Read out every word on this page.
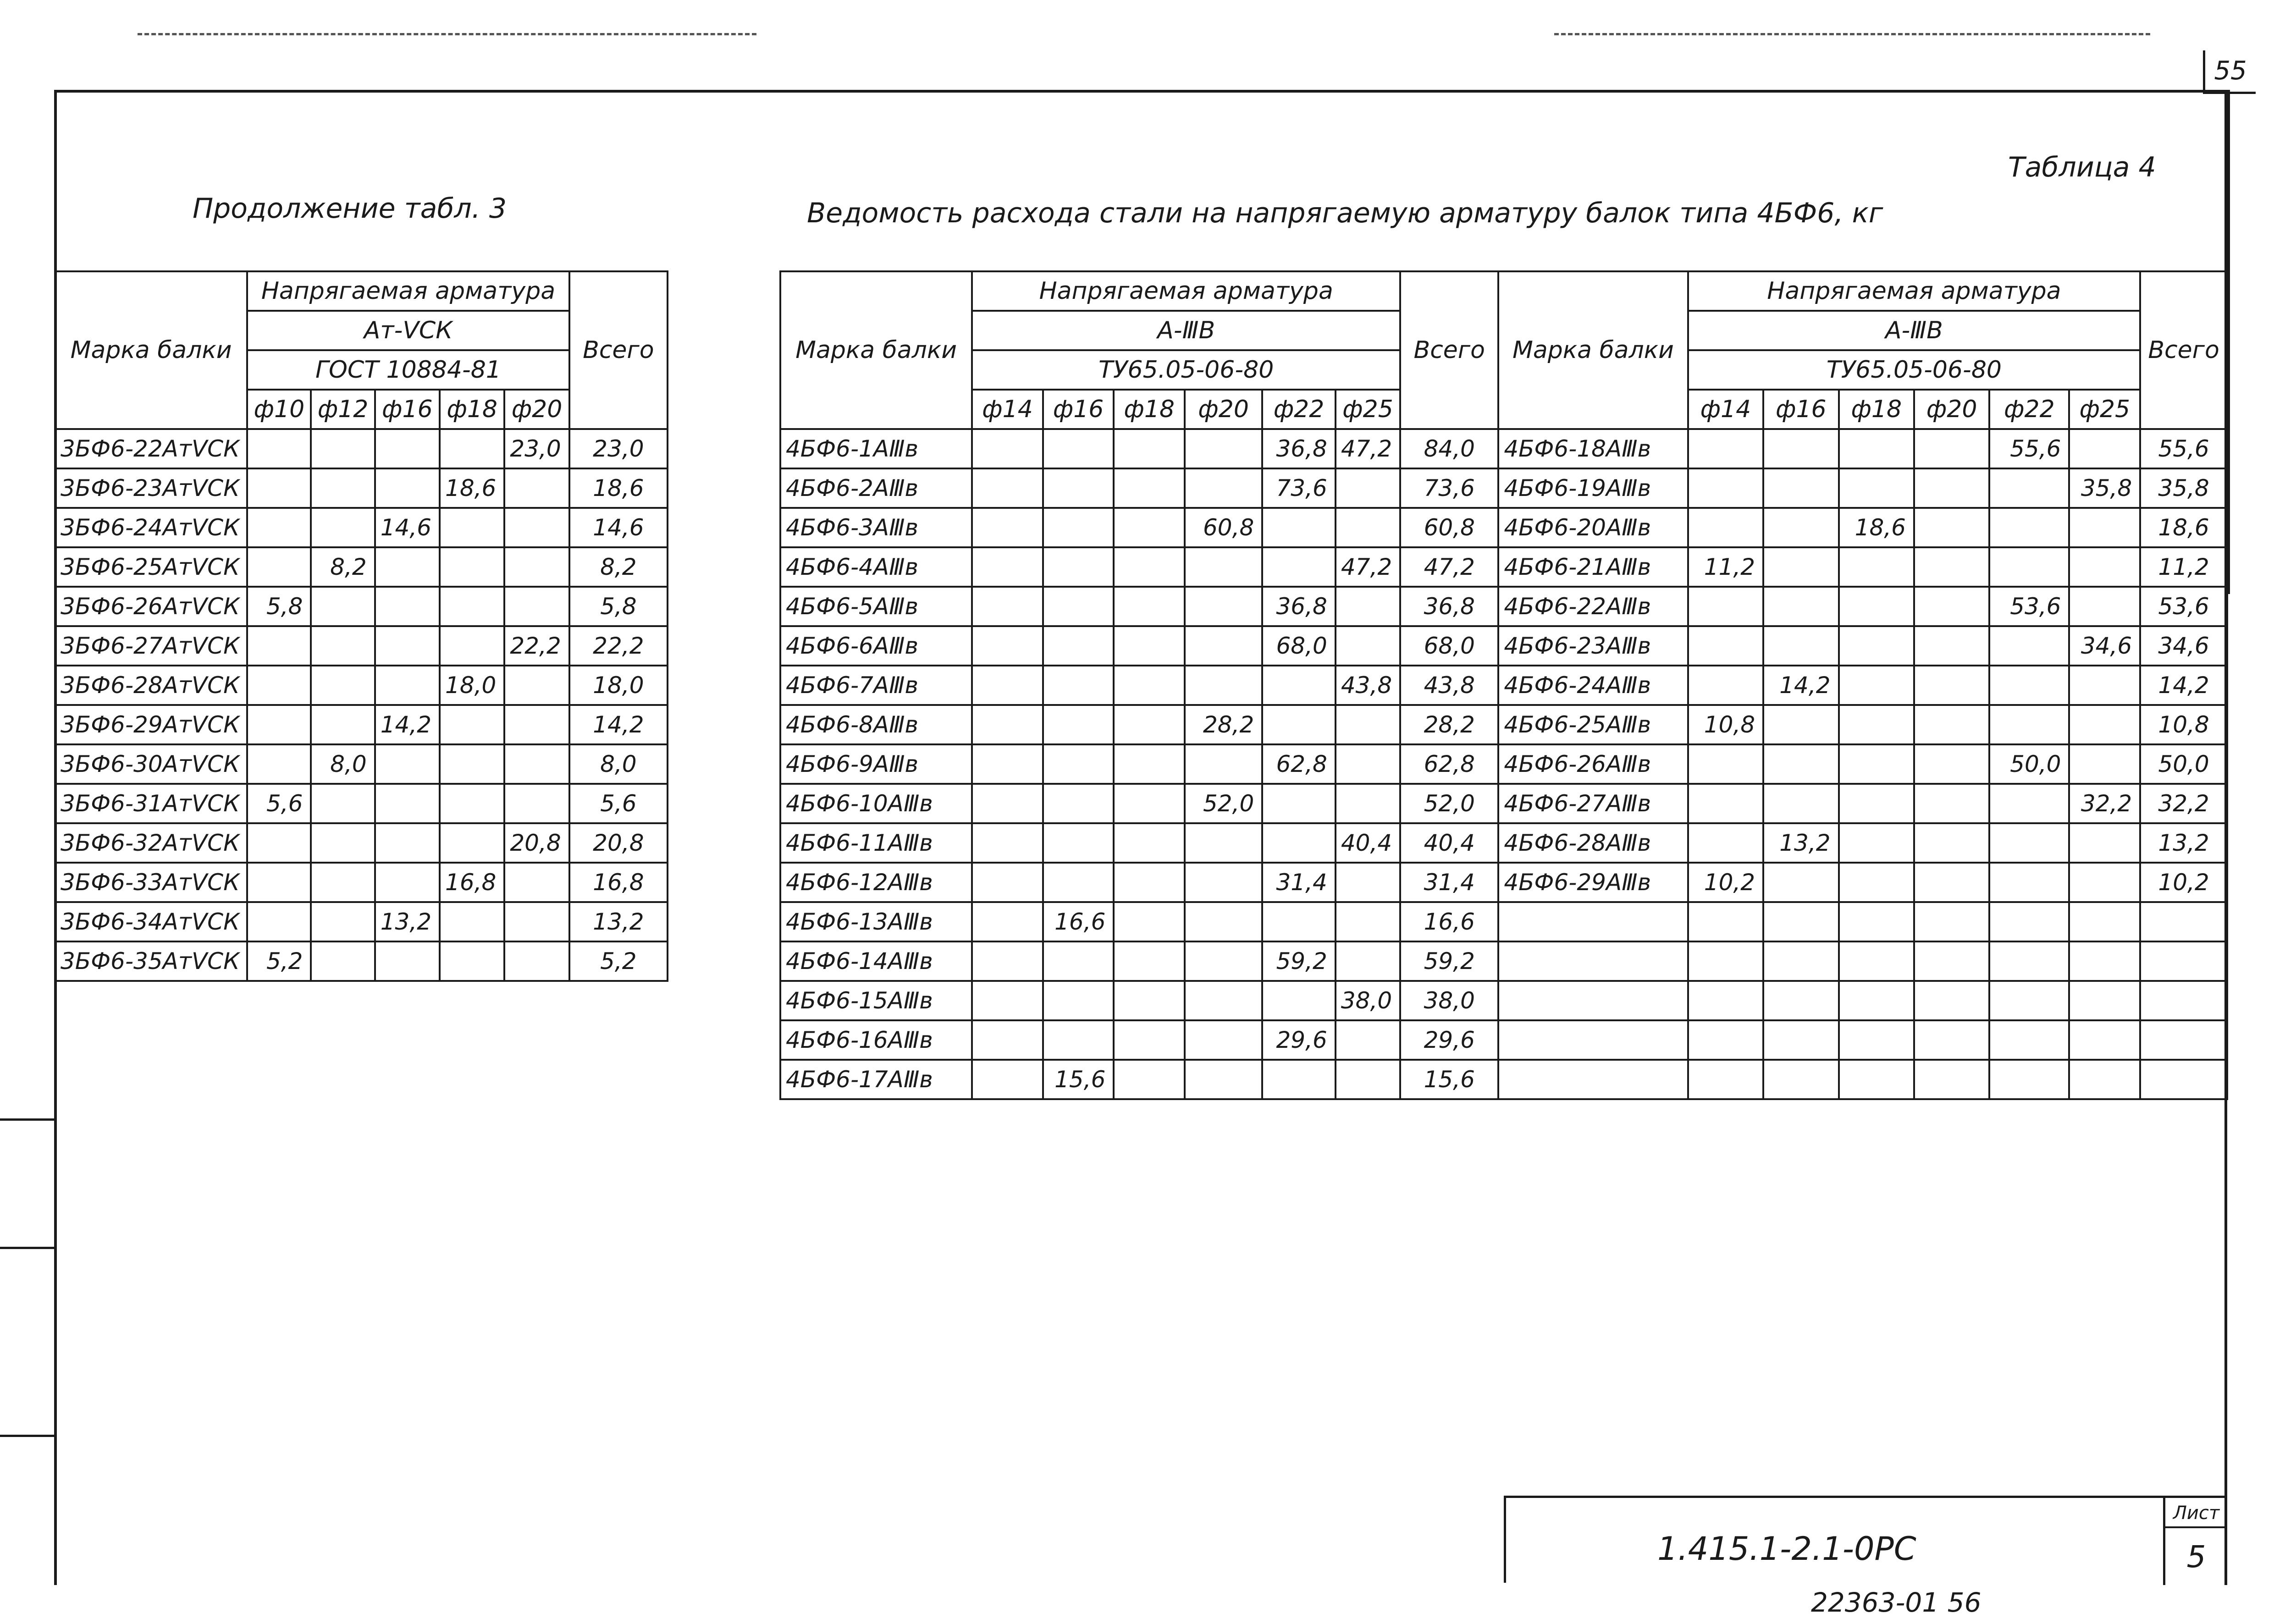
55
Продолжение табл. 3
Таблица 4
Ведомость расхода стали на напрягаемую арматуру балок типа 4БФ6, кг
Марка балки	Напрягаемая арматура					Всего
	Ат-ⅤСК					
	ГОСТ 10884-81					
	ф10	ф12	ф16	ф18	ф20	
3БФ6-22АтⅤСК					23,0	23,0
3БФ6-23АтⅤСК				18,6		18,6
3БФ6-24АтⅤСК			14,6			14,6
3БФ6-25АтⅤСК		8,2				8,2
3БФ6-26АтⅤСК	5,8					5,8
3БФ6-27АтⅤСК					22,2	22,2
3БФ6-28АтⅤСК				18,0		18,0
3БФ6-29АтⅤСК			14,2			14,2
3БФ6-30АтⅤСК		8,0				8,0
3БФ6-31АтⅤСК	5,6					5,6
3БФ6-32АтⅤСК					20,8	20,8
3БФ6-33АтⅤСК				16,8		16,8
3БФ6-34АтⅤСК			13,2			13,2
3БФ6-35АтⅤСК	5,2					5,2
Марка балки	Напрягаемая арматура						Всего	Марка балки	Напрягаемая арматура						Всего
	А-ⅢВ								А-ⅢВ						
	ТУ65.05-06-80								ТУ65.05-06-80						
	ф14	ф16	ф18	ф20	ф22	ф25			ф14	ф16	ф18	ф20	ф22	ф25	
4БФ6-1АⅢв					36,8	47,2	84,0	4БФ6-18АⅢв					55,6		55,6
4БФ6-2АⅢв					73,6		73,6	4БФ6-19АⅢв						35,8	35,8
4БФ6-3АⅢв				60,8			60,8	4БФ6-20АⅢв			18,6				18,6
4БФ6-4АⅢв						47,2	47,2	4БФ6-21АⅢв	11,2						11,2
4БФ6-5АⅢв					36,8		36,8	4БФ6-22АⅢв					53,6		53,6
4БФ6-6АⅢв					68,0		68,0	4БФ6-23АⅢв						34,6	34,6
4БФ6-7АⅢв						43,8	43,8	4БФ6-24АⅢв		14,2					14,2
4БФ6-8АⅢв				28,2			28,2	4БФ6-25АⅢв	10,8						10,8
4БФ6-9АⅢв					62,8		62,8	4БФ6-26АⅢв					50,0		50,0
4БФ6-10АⅢв				52,0			52,0	4БФ6-27АⅢв						32,2	32,2
4БФ6-11АⅢв						40,4	40,4	4БФ6-28АⅢв		13,2					13,2
4БФ6-12АⅢв					31,4		31,4	4БФ6-29АⅢв	10,2						10,2
4БФ6-13АⅢв		16,6					16,6								
4БФ6-14АⅢв					59,2		59,2								
4БФ6-15АⅢв						38,0	38,0								
4БФ6-16АⅢв					29,6		29,6								
4БФ6-17АⅢв		15,6					15,6								
1.415.1-2.1-0РС
Лист
5
22363-01 56
